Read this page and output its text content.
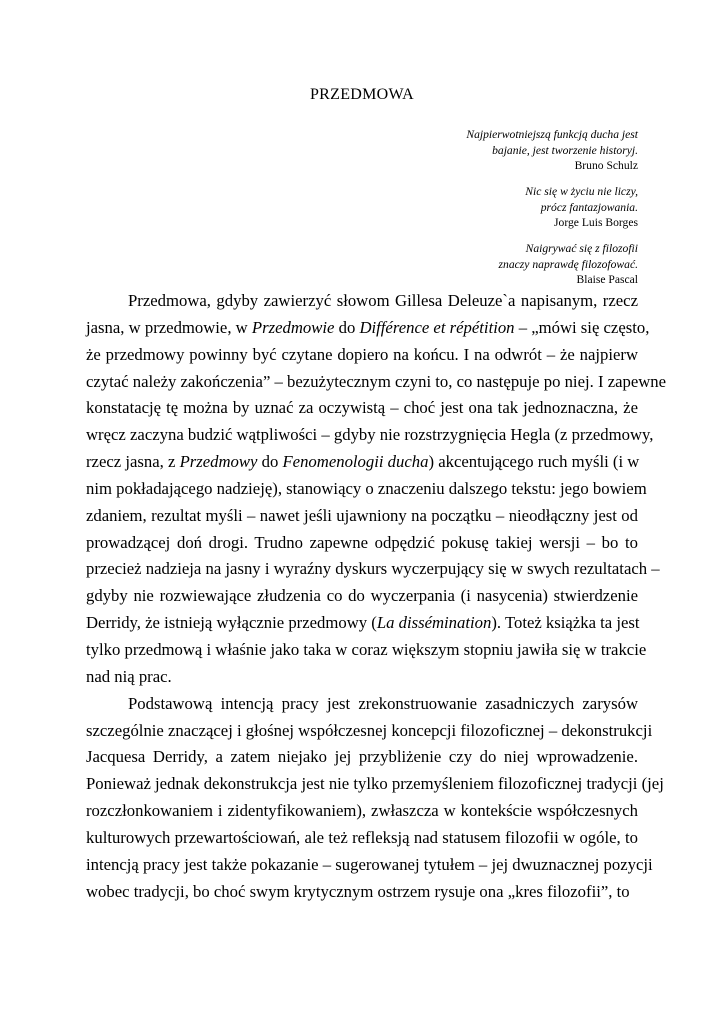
PRZEDMOWA
Najpierwotniejszą funkcją ducha jest
bajanie, jest tworzenie historyj.
Bruno Schulz
Nic się w życiu nie liczy,
prócz fantazjowania.
Jorge Luis Borges
Naigrywać się z filozofii
znaczy naprawdę filozofować.
Blaise Pascal

Przedmowa, gdyby zawierzyć słowom Gillesa Deleuze`a napisanym, rzecz
jasna, w przedmowie, w Przedmowie do Différence et répétition – „mówi się często,
że przedmowy powinny być czytane dopiero na końcu. I na odwrót – że najpierw
czytać należy zakończenia” – bezużytecznym czyni to, co następuje po niej. I zapewne
konstatację tę można by uznać za oczywistą – choć jest ona tak jednoznaczna, że
wręcz zaczyna budzić wątpliwości – gdyby nie rozstrzygnięcia Hegla (z przedmowy,
rzecz jasna, z Przedmowy do Fenomenologii ducha) akcentującego ruch myśli (i w
nim pokładającego nadzieję), stanowiący o znaczeniu dalszego tekstu: jego bowiem
zdaniem, rezultat myśli – nawet jeśli ujawniony na początku – nieodłączny jest od
prowadzącej doń drogi. Trudno zapewne odpędzić pokusę takiej wersji – bo to
przecież nadzieja na jasny i wyraźny dyskurs wyczerpujący się w swych rezultatach –
gdyby nie rozwiewające złudzenia co do wyczerpania (i nasycenia) stwierdzenie
Derridy, że istnieją wyłącznie przedmowy (La dissémination). Toteż książka ta jest
tylko przedmową i właśnie jako taka w coraz większym stopniu jawiła się w trakcie
nad nią prac.

Podstawową intencją pracy jest zrekonstruowanie zasadniczych zarysów
szczególnie znaczącej i głośnej współczesnej koncepcji filozoficznej – dekonstrukcji
Jacquesa Derridy, a zatem niejako jej przybliżenie czy do niej wprowadzenie.
Ponieważ jednak dekonstrukcja jest nie tylko przemyśleniem filozoficznej tradycji (jej
rozczłonkowaniem i zidentyfikowaniem), zwłaszcza w kontekście współczesnych
kulturowych przewartościowań, ale też refleksją nad statusem filozofii w ogóle, to
intencją pracy jest także pokazanie – sugerowanej tytułem – jej dwuznacznej pozycji
wobec tradycji, bo choć swym krytycznym ostrzem rysuje ona „kres filozofii”, to
